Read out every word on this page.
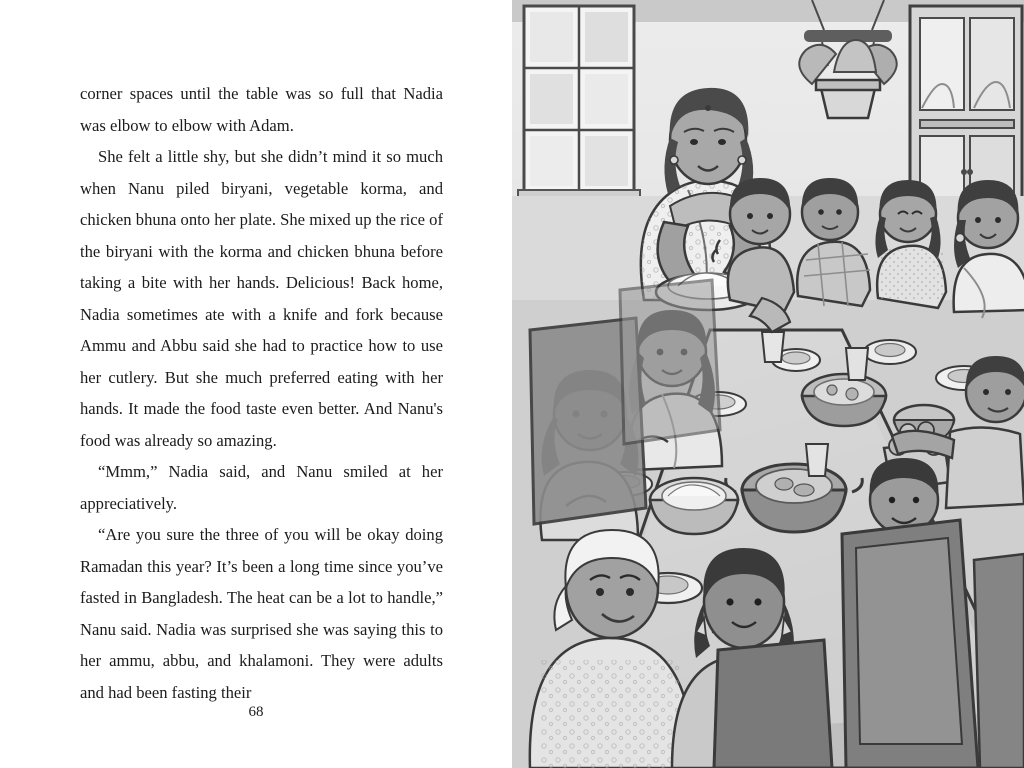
corner spaces until the table was so full that Nadia was elbow to elbow with Adam.

She felt a little shy, but she didn’t mind it so much when Nanu piled biryani, vegetable korma, and chicken bhuna onto her plate. She mixed up the rice of the biryani with the korma and chicken bhuna before taking a bite with her hands. Delicious! Back home, Nadia sometimes ate with a knife and fork because Ammu and Abbu said she had to practice how to use her cutlery. But she much preferred eating with her hands. It made the food taste even better. And Nanu's food was already so amazing.

“Mmm,” Nadia said, and Nanu smiled at her appreciatively.

“Are you sure the three of you will be okay doing Ramadan this year? It’s been a long time since you’ve fasted in Bangladesh. The heat can be a lot to handle,” Nanu said. Nadia was surprised she was saying this to her ammu, abbu, and khalamoni. They were adults and had been fasting their

68
